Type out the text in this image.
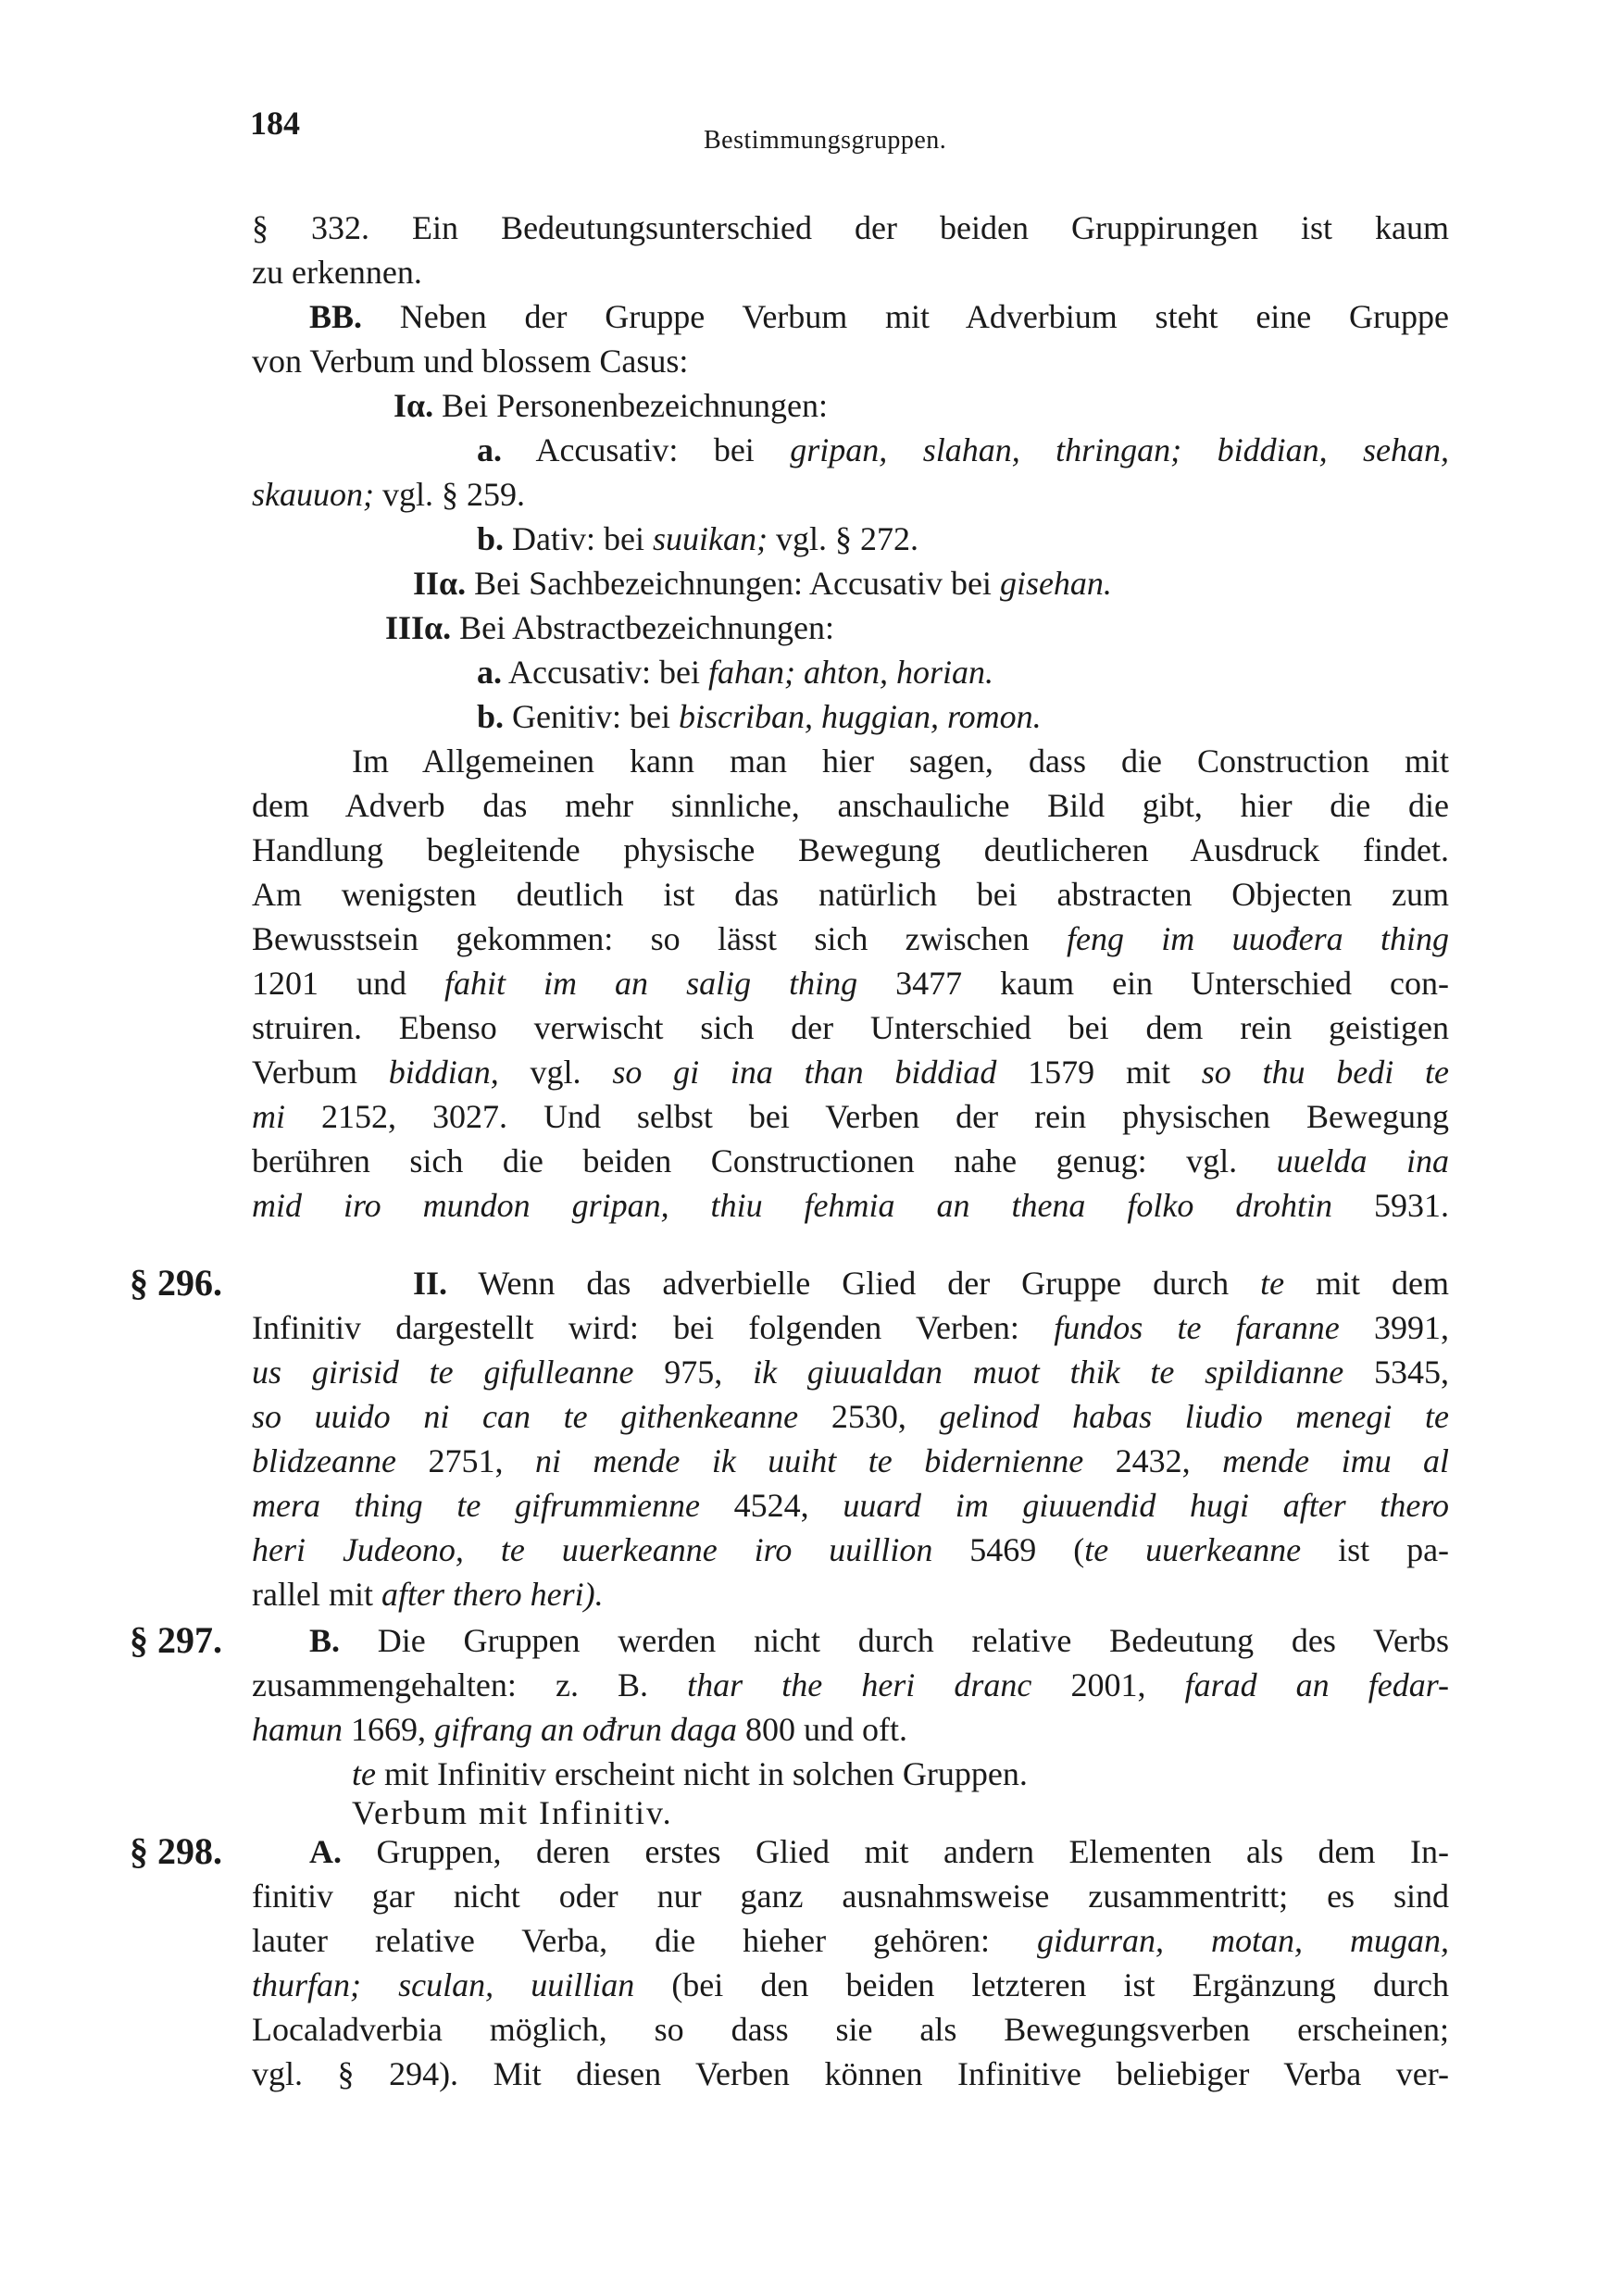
184	Bestimmungsgruppen.
§ 296.
§ 297.
§ 298.
§ 332. Ein Bedeutungsunterschied der beiden Gruppirungen ist kaum
zu erkennen.
BB. Neben der Gruppe Verbum mit Adverbium steht eine Gruppe
von Verbum und blossem Casus:
Iα. Bei Personenbezeichnungen:
a. Accusativ: bei gripan, slahan, thringan; biddian, sehan,
skauuon; vgl. § 259.
b. Dativ: bei suuikan; vgl. § 272.
IIα. Bei Sachbezeichnungen: Accusativ bei gisehan.
IIIα. Bei Abstractbezeichnungen:
a. Accusativ: bei fahan; ahton, horian.
b. Genitiv: bei biscriban, huggian, romon.
Im Allgemeinen kann man hier sagen, dass die Construction mit
dem Adverb das mehr sinnliche, anschauliche Bild gibt, hier die die
Handlung begleitende physische Bewegung deutlicheren Ausdruck findet.
Am wenigsten deutlich ist das natürlich bei abstracten Objecten zum
Bewusstsein gekommen: so lässt sich zwischen feng im uuođera thing
1201 und fahit im an salig thing 3477 kaum ein Unterschied con-
struiren. Ebenso verwischt sich der Unterschied bei dem rein geistigen
Verbum biddian, vgl. so gi ina than biddiad 1579 mit so thu bedi te
mi 2152, 3027. Und selbst bei Verben der rein physischen Bewegung
berühren sich die beiden Constructionen nahe genug: vgl. uuelda ina
mid iro mundon gripan, thiu fehmia an thena folko drohtin 5931.
II. Wenn das adverbielle Glied der Gruppe durch te mit dem
Infinitiv dargestellt wird: bei folgenden Verben: fundos te faranne 3991,
us girisid te gifulleanne 975, ik giuualdan muot thik te spildianne 5345,
so uuido ni can te githenkeanne 2530, gelinod habas liudio menegi te
blidzeanne 2751, ni mende ik uuiht te bidernienne 2432, mende imu al
mera thing te gifrummienne 4524, uuard im giuuendid hugi after thero
heri Judeono, te uuerkeanne iro uuillion 5469 (te uuerkeanne ist pa-
rallel mit after thero heri).
B. Die Gruppen werden nicht durch relative Bedeutung des Verbs
zusammengehalten: z. B. thar the heri dranc 2001, farad an fedar-
hamun 1669, gifrang an ođrun daga 800 und oft.
te mit Infinitiv erscheint nicht in solchen Gruppen.
Verbum mit Infinitiv.
A. Gruppen, deren erstes Glied mit andern Elementen als dem In-
finitiv gar nicht oder nur ganz ausnahmsweise zusammentritt; es sind
lauter relative Verba, die hieher gehören: gidurran, motan, mugan,
thurfan; sculan, uuillian (bei den beiden letzteren ist Ergänzung durch
Localadverbia möglich, so dass sie als Bewegungsverben erscheinen;
vgl. § 294). Mit diesen Verben können Infinitive beliebiger Verba ver-
